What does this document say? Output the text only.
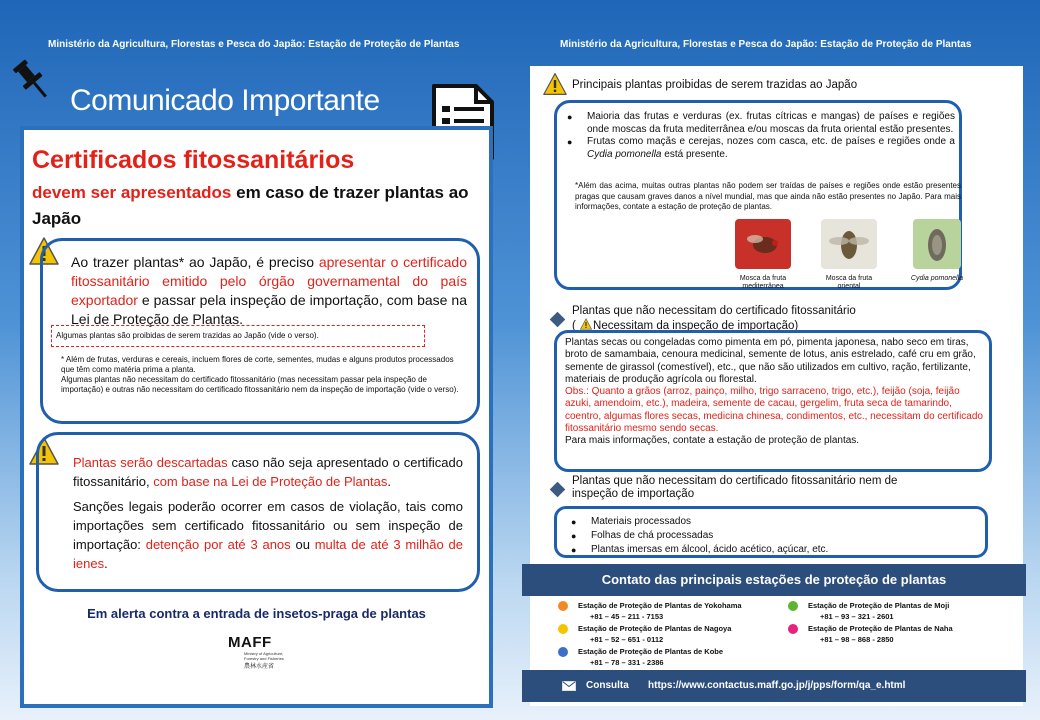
Ministério da Agricultura, Florestas e Pesca do Japão: Estação de Proteção de Plantas	Ministério da Agricultura, Florestas e Pesca do Japão: Estação de Proteção de Plantas
Comunicado Importante
Certificados fitossanitários
devem ser apresentados em caso de trazer plantas ao Japão
Ao trazer plantas* ao Japão, é preciso apresentar o certificado fitossanitário emitido pelo órgão governamental do país exportador e passar pela inspeção de importação, com base na Lei de Proteção de Plantas.
Algumas plantas são proibidas de serem trazidas ao Japão (vide o verso).
* Além de frutas, verduras e cereais, incluem flores de corte, sementes, mudas e alguns produtos processados que têm como matéria prima a planta.
Algumas plantas não necessitam do certificado fitossanitário (mas necessitam passar pela inspeção de importação) e outras não necessitam do certificado fitossanitário nem da inspeção de importação (vide o verso).

Plantas serão descartadas caso não seja apresentado o certificado fitossanitário, com base na Lei de Proteção de Plantas.

Sanções legais poderão ocorrer em casos de violação, tais como importações sem certificado fitossanitário ou sem inspeção de importação: detenção por até 3 anos ou multa de até 3 milhão de ienes.

Em alerta contra a entrada de insetos-praga de plantas
MAFF
Ministry of Agriculture, Forestry and Fisheries
農林水産省
Principais plantas proibidas de serem trazidas ao Japão
● Maioria das frutas e verduras (ex. frutas cítricas e mangas) de países e regiões onde moscas da fruta mediterrânea e/ou moscas da fruta oriental estão presentes.
● Frutas como maçãs e cerejas, nozes com casca, etc. de países e regiões onde a Cydia pomonella está presente.
*Além das acima, muitas outras plantas não podem ser traídas de países e regiões onde estão presentes pragas que causam graves danos a nível mundial, mas que ainda não estão presentes no Japão. Para mais informações, contate a estação de proteção de plantas.
Mosca da fruta mediterrânea
Mosca da fruta oriental
Cydia pomonella
Plantas que não necessitam do certificado fitossanitário
( Necessitam da inspeção de importação)
Plantas secas ou congeladas como pimenta em pó, pimenta japonesa, nabo seco em tiras, broto de samambaia, cenoura medicinal, semente de lotus, anis estrelado, café cru em grão, semente de girassol (comestível), etc., que não são utilizados em cultivo, ração, fertilizante, materiais de produção agrícola ou florestal.
Obs.: Quanto a grãos (arroz, painço, milho, trigo sarraceno, trigo, etc.), feijão (soja, feijão azuki, amendoim, etc.), madeira, semente de cacau, gergelim, fruta seca de tamarindo, coentro, algumas flores secas, medicina chinesa, condimentos, etc., necessitam do certificado fitossanitário mesmo sendo secas.
Para mais informações, contate a estação de proteção de plantas.
Plantas que não necessitam do certificado fitossanitário nem de
inspeção de importação
● Materiais processados
● Folhas de chá processadas
● Plantas imersas em álcool, ácido acético, açúcar, etc.
Contato das principais estações de proteção de plantas
Estação de Proteção de Plantas de Yokohama
+81 – 45 – 211 - 7153
Estação de Proteção de Plantas de Nagoya
+81 – 52 – 651 - 0112
Estação de Proteção de Plantas de Kobe
+81 – 78 – 331 - 2386
Estação de Proteção de Plantas de Moji
+81 – 93 – 321 - 2601
Estação de Proteção de Plantas de Naha
+81 – 98 – 868 - 2850
Consulta https://www.contactus.maff.go.jp/j/pps/form/qa_e.html
